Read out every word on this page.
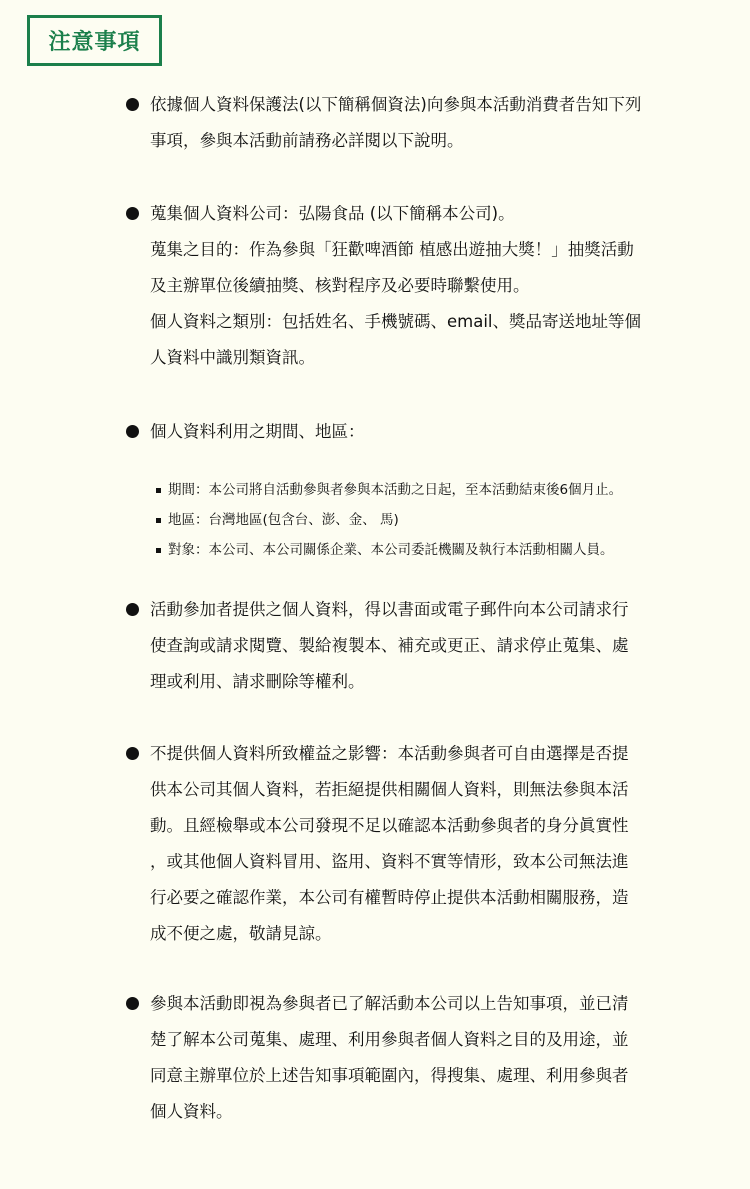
注意事項
依據個人資料保護法(以下簡稱個資法)向參與本活動消費者告知下列
事項，參與本活動前請務必詳閱以下說明。
蒐集個人資料公司：弘陽食品 (以下簡稱本公司)。
蒐集之目的：作為參與「狂歡啤酒節 植感出遊抽大獎！」抽獎活動
及主辦單位後續抽獎、核對程序及必要時聯繫使用。
個人資料之類別：包括姓名、手機號碼、email、獎品寄送地址等個
人資料中識別類資訊。
個人資料利用之期間、地區：
期間：本公司將自活動參與者參與本活動之日起，至本活動結束後6個月止。
地區：台灣地區(包含台、澎、金、 馬)
對象：本公司、本公司關係企業、本公司委託機關及執行本活動相關人員。
活動參加者提供之個人資料，得以書面或電子郵件向本公司請求行
使查詢或請求閱覽、製給複製本、補充或更正、請求停止蒐集、處
理或利用、請求刪除等權利。
不提供個人資料所致權益之影響：本活動參與者可自由選擇是否提
供本公司其個人資料，若拒絕提供相關個人資料，則無法參與本活
動。且經檢舉或本公司發現不足以確認本活動參與者的身分眞實性
，或其他個人資料冒用、盜用、資料不實等情形，致本公司無法進
行必要之確認作業，本公司有權暫時停止提供本活動相關服務，造
成不便之處，敬請見諒。
參與本活動即視為參與者已了解活動本公司以上告知事項，並已清
楚了解本公司蒐集、處理、利用參與者個人資料之目的及用途，並
同意主辦單位於上述告知事項範圍內，得搜集、處理、利用參與者
個人資料。
